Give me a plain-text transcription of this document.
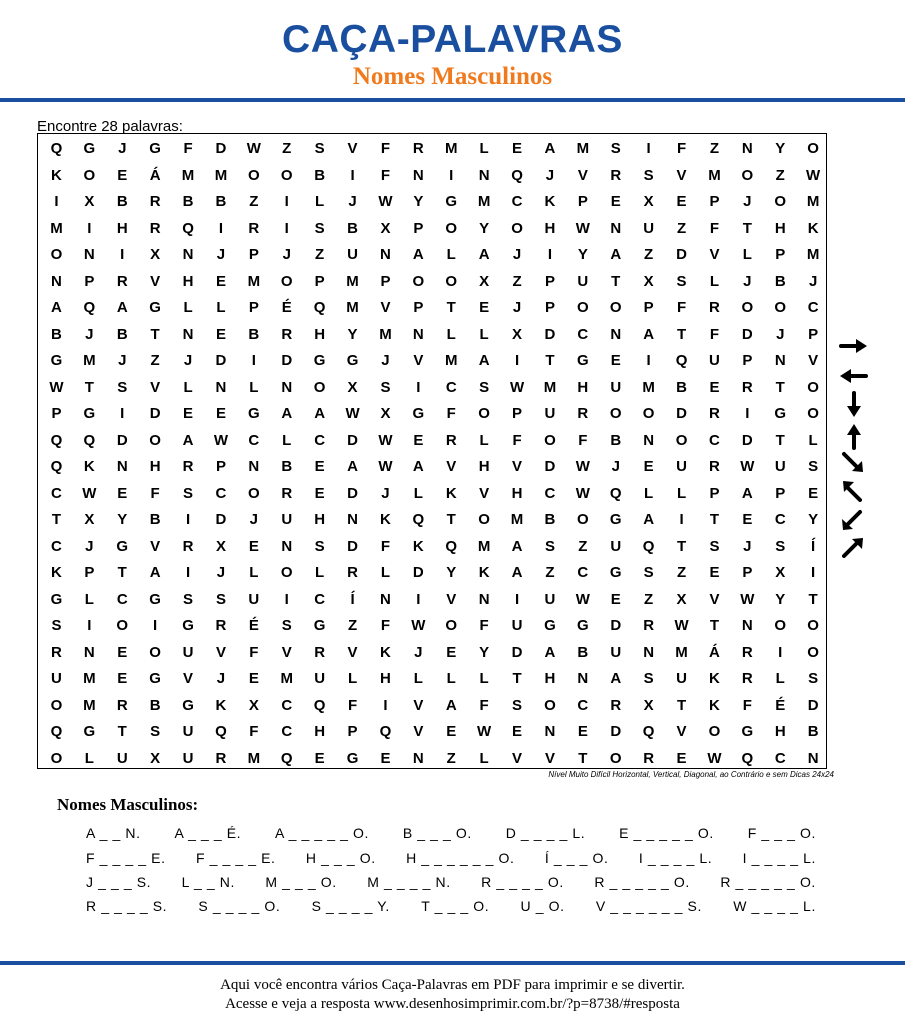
CAÇA-PALAVRAS
Nomes Masculinos
Encontre 28 palavras:
Q	G	J	G	F	D	W	Z	S	V	F	R	M	L	E	A	M	S	I	F	Z	N	Y	O
K	O	E	Á	M	M	O	O	B	I	F	N	I	N	Q	J	V	R	S	V	M	O	Z	W
I	X	B	R	B	B	Z	I	L	J	W	Y	G	M	C	K	P	E	X	E	P	J	O	M
M	I	H	R	Q	I	R	I	S	B	X	P	O	Y	O	H	W	N	U	Z	F	T	H	K
O	N	I	X	N	J	P	J	Z	U	N	A	L	A	J	I	Y	A	Z	D	V	L	P	M
N	P	R	V	H	E	M	O	P	M	P	O	O	X	Z	P	U	T	X	S	L	J	B	J
A	Q	A	G	L	L	P	É	Q	M	V	P	T	E	J	P	O	O	P	F	R	O	O	C
B	J	B	T	N	E	B	R	H	Y	M	N	L	L	X	D	C	N	A	T	F	D	J	P
G	M	J	Z	J	D	I	D	G	G	J	V	M	A	I	T	G	E	I	Q	U	P	N	V
W	T	S	V	L	N	L	N	O	X	S	I	C	S	W	M	H	U	M	B	E	R	T	O
P	G	I	D	E	E	G	A	A	W	X	G	F	O	P	U	R	O	O	D	R	I	G	O
Q	Q	D	O	A	W	C	L	C	D	W	E	R	L	F	O	F	B	N	O	C	D	T	L
Q	K	N	H	R	P	N	B	E	A	W	A	V	H	V	D	W	J	E	U	R	W	U	S
C	W	E	F	S	C	O	R	E	D	J	L	K	V	H	C	W	Q	L	L	P	A	P	E
T	X	Y	B	I	D	J	U	H	N	K	Q	T	O	M	B	O	G	A	I	T	E	C	Y
C	J	G	V	R	X	E	N	S	D	F	K	Q	M	A	S	Z	U	Q	T	S	J	S	Í
K	P	T	A	I	J	L	O	L	R	L	D	Y	K	A	Z	C	G	S	Z	E	P	X	I
G	L	C	G	S	S	U	I	C	Í	N	I	V	N	I	U	W	E	Z	X	V	W	Y	T
S	I	O	I	G	R	É	S	G	Z	F	W	O	F	U	G	G	D	R	W	T	N	O	O
R	N	E	O	U	V	F	V	R	V	K	J	E	Y	D	A	B	U	N	M	Á	R	I	O
U	M	E	G	V	J	E	M	U	L	H	L	L	L	T	H	N	A	S	U	K	R	L	S
O	M	R	B	G	K	X	C	Q	F	I	V	A	F	S	O	C	R	X	T	K	F	É	D
Q	G	T	S	U	Q	F	C	H	P	Q	V	E	W	E	N	E	D	Q	V	O	G	H	B
O	L	U	X	U	R	M	Q	E	G	E	N	Z	L	V	V	T	O	R	E	W	Q	C	N
Nível Muito Difícil Horizontal, Vertical, Diagonal, ao Contrário e sem Dicas 24x24
Nomes Masculinos:
A _ _ N. A _ _ _ É. A _ _ _ _ _ O. B _ _ _ O. D _ _ _ _ L. E _ _ _ _ _ O. F _ _ _ O.
F _ _ _ _ E. F _ _ _ _ E. H _ _ _ O. H _ _ _ _ _ _ O. Í _ _ _ O. I _ _ _ _ L. I _ _ _ _ L.
J _ _ _ S. L _ _ N. M _ _ _ O. M _ _ _ _ N. R _ _ _ _ O. R _ _ _ _ _ O. R _ _ _ _ _ O.
R _ _ _ _ S. S _ _ _ _ O. S _ _ _ _ Y. T _ _ _ O. U _ O. V _ _ _ _ _ _ S. W _ _ _ _ L.
Aqui você encontra vários Caça-Palavras em PDF para imprimir e se divertir.
Acesse e veja a resposta www.desenhosimprimir.com.br/?p=8738/#resposta
